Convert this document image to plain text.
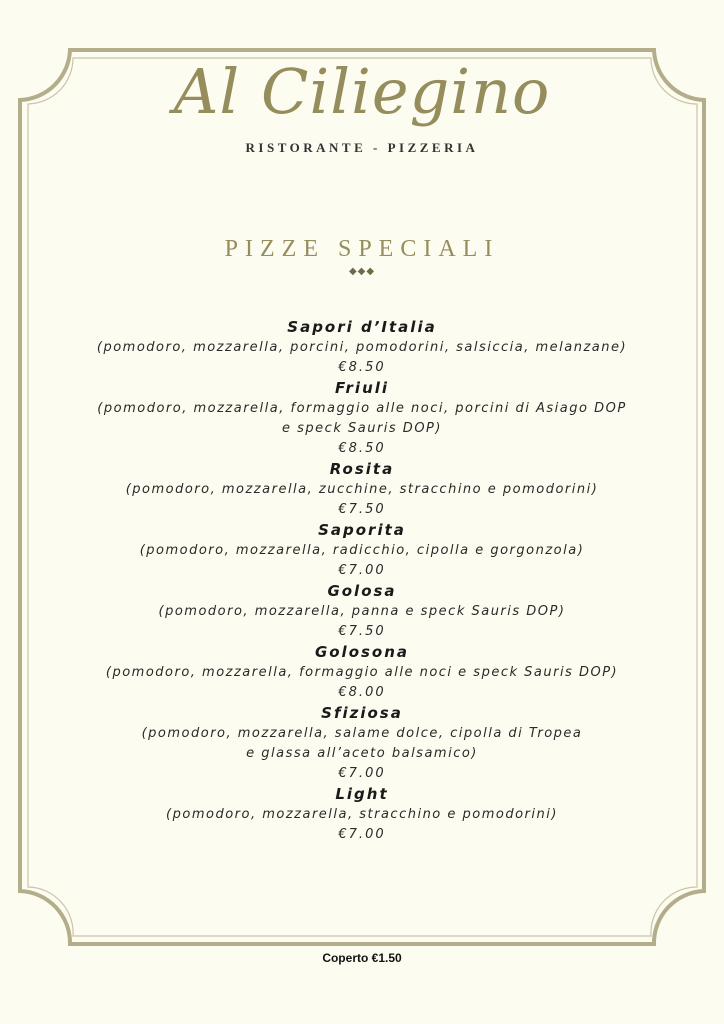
Al Ciliegino
RISTORANTE - PIZZERIA
PIZZE SPECIALI
◆◆◆
Sapori d’Italia
(pomodoro, mozzarella, porcini, pomodorini, salsiccia, melanzane)
€8.50
Friuli
(pomodoro, mozzarella, formaggio alle noci, porcini di Asiago DOP
e speck Sauris DOP)
€8.50
Rosita
(pomodoro, mozzarella, zucchine, stracchino e pomodorini)
€7.50
Saporita
(pomodoro, mozzarella, radicchio, cipolla e gorgonzola)
€7.00
Golosa
(pomodoro, mozzarella, panna e speck Sauris DOP)
€7.50
Golosona
(pomodoro, mozzarella, formaggio alle noci e speck Sauris DOP)
€8.00
Sfiziosa
(pomodoro, mozzarella, salame dolce, cipolla di Tropea
e glassa all’aceto balsamico)
€7.00
Light
(pomodoro, mozzarella, stracchino e pomodorini)
€7.00
Coperto €1.50
